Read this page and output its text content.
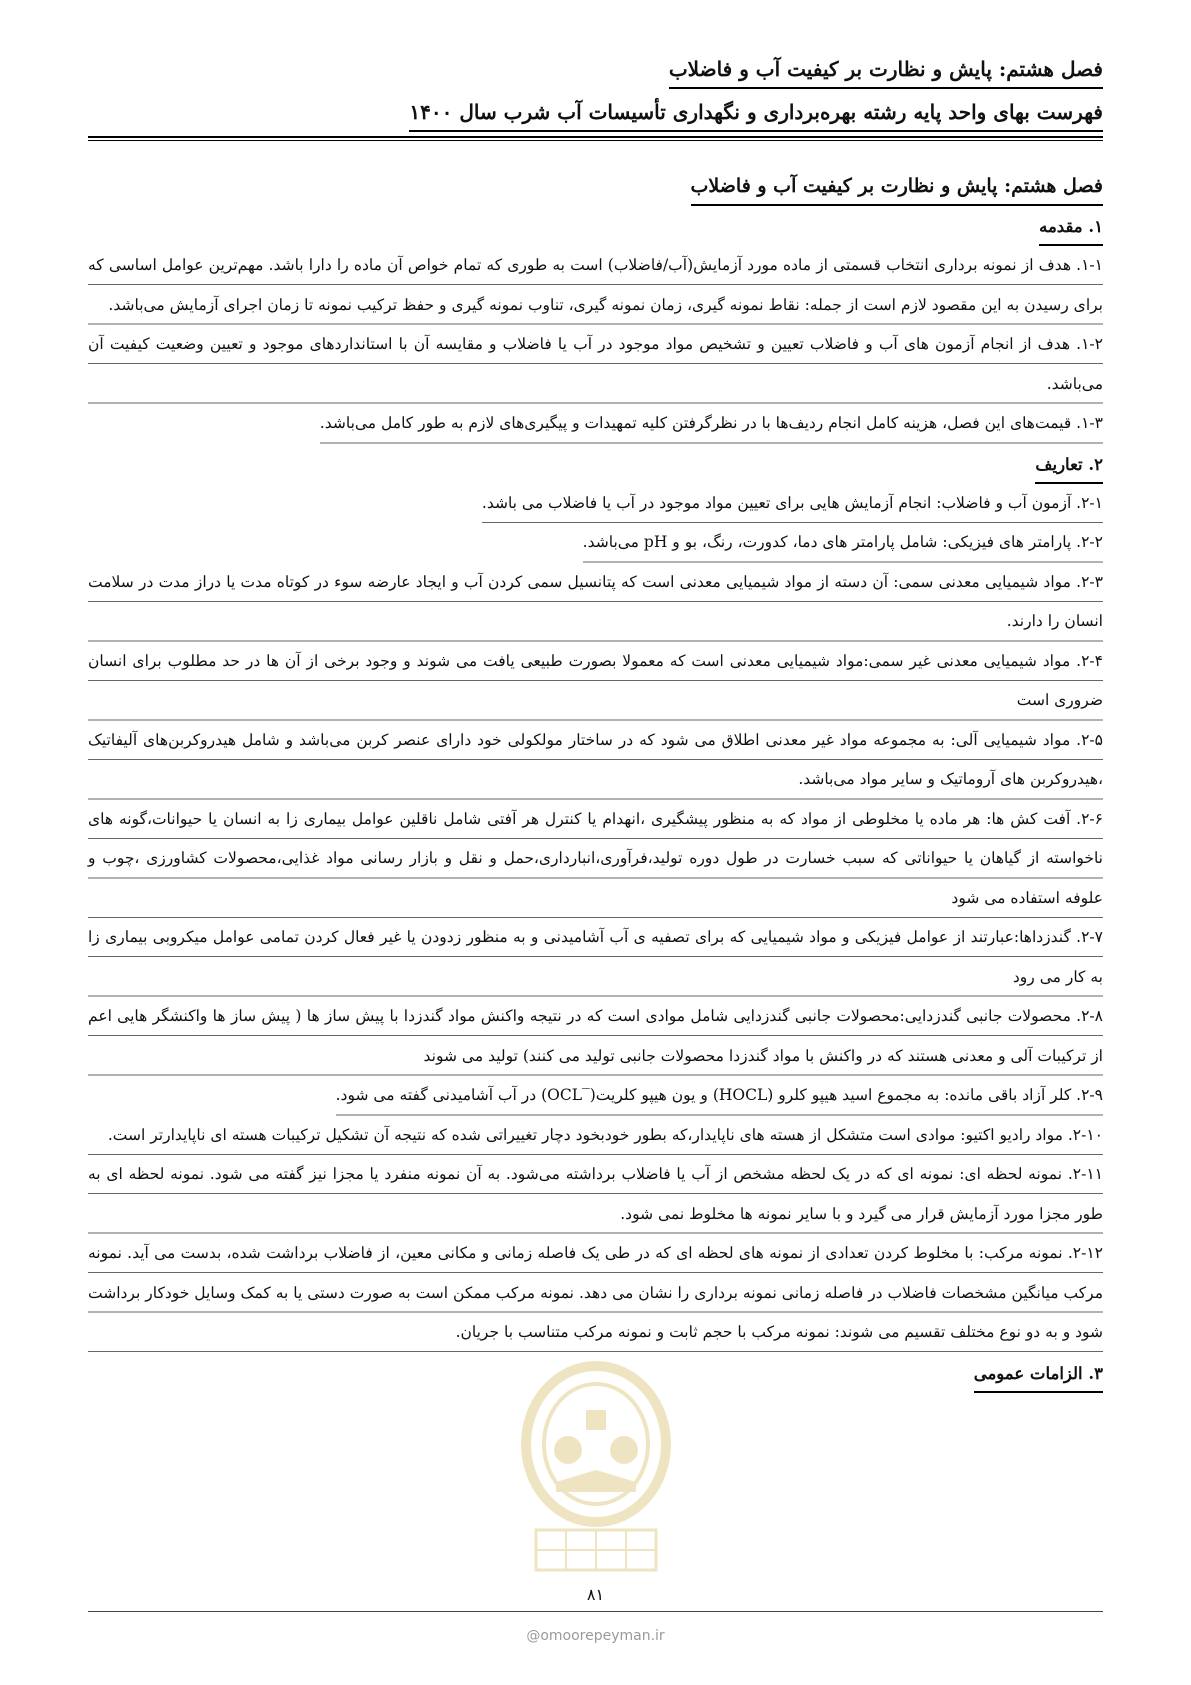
فصل هشتم: پایش و نظارت بر کیفیت آب و فاضلاب
فهرست بهای واحد پایه رشته بهره‌برداری و نگهداری تأسیسات آب شرب سال ۱۴۰۰
فصل هشتم: پایش و نظارت بر کیفیت آب و فاضلاب
۱. مقدمه

۱-۱. هدف از نمونه برداری انتخاب قسمتی از ماده مورد آزمایش(آب/فاضلاب) است به طوری که تمام خواص آن ماده را دارا باشد. مهم‌ترین عوامل اساسی که برای رسیدن به این مقصود لازم است از جمله: نقاط نمونه گیری، زمان نمونه گیری، تناوب نمونه گیری و حفظ ترکیب نمونه تا زمان اجرای آزمایش می‌باشد.

۱-۲. هدف از انجام آزمون های آب و فاضلاب تعیین و تشخیص مواد موجود در آب یا فاضلاب و مقایسه آن با استانداردهای موجود و تعیین وضعیت کیفیت آن می‌باشد.

۱-۳. قیمت‌های این فصل، هزینه کامل انجام ردیف‌ها با در نظرگرفتن کلیه تمهیدات و پیگیری‌های لازم به طور کامل می‌باشد.

۲. تعاریف

۲-۱. آزمون آب و فاضلاب: انجام آزمایش هایی برای تعیین مواد موجود در آب یا فاضلاب می باشد.

۲-۲. پارامتر های فیزیکی: شامل پارامتر های دما، کدورت، رنگ، بو و pH می‌باشد.

۲-۳. مواد شیمیایی معدنی سمی: آن دسته از مواد شیمیایی معدنی است که پتانسیل سمی کردن آب و ایجاد عارضه سوء در کوتاه مدت یا دراز مدت در سلامت انسان را دارند.

۲-۴. مواد شیمیایی معدنی غیر سمی:مواد شیمیایی معدنی است که معمولا بصورت طبیعی یافت می شوند و وجود برخی از آن ها در حد مطلوب برای انسان ضروری است

۲-۵. مواد شیمیایی آلی: به مجموعه مواد غیر معدنی اطلاق می شود که در ساختار مولکولی خود دارای عنصر کربن می‌باشد و شامل هیدروکربن‌های آلیفاتیک ،هیدروکربن های آروماتیک و سایر مواد می‌باشد.

۲-۶. آفت کش ها: هر ماده یا مخلوطی از مواد که به منظور پیشگیری ،انهدام یا کنترل هر آفتی شامل ناقلین عوامل بیماری زا به انسان یا حیوانات،گونه های ناخواسته از گیاهان یا حیواناتی که سبب خسارت در طول دوره تولید،فرآوری،انبارداری،حمل و نقل و بازار رسانی مواد غذایی،محصولات کشاورزی ،چوب و علوفه استفاده می شود

۲-۷. گندزداها:عبارتند از عوامل فیزیکی و مواد شیمیایی که برای تصفیه ی آب آشامیدنی و به منظور زدودن یا غیر فعال کردن تمامی عوامل میکروبی بیماری زا به کار می رود

۲-۸. محصولات جانبی گندزدایی:محصولات جانبی گندزدایی شامل موادی است که در نتیجه واکنش مواد گندزدا با پیش ساز ها ( پیش ساز ها واکنشگر هایی اعم از ترکیبات آلی و معدنی هستند که در واکنش با مواد گندزدا محصولات جانبی تولید می کنند) تولید می شوند

۲-۹. کلر آزاد باقی مانده: به مجموع اسید هیپو کلرو (HOCL) و یون هیپو کلریت(‾OCL) در آب آشامیدنی گفته می شود.

۲-۱۰. مواد رادیو اکتیو: موادی است متشکل از هسته های ناپایدار،که بطور خودبخود دچار تغییراتی شده که نتیجه آن تشکیل ترکیبات هسته ای ناپایدارتر است.

۲-۱۱. نمونه لحظه ای: نمونه ای که در یک لحظه مشخص از آب یا فاضلاب برداشته می‌شود. به آن نمونه منفرد یا مجزا نیز گفته می شود. نمونه لحظه ای به طور مجزا مورد آزمایش قرار می گیرد و با سایر نمونه ها مخلوط نمی شود.

۲-۱۲. نمونه مرکب: با مخلوط کردن تعدادی از نمونه های لحظه ای که در طی یک فاصله زمانی و مکانی معین، از فاضلاب برداشت شده، بدست می آید. نمونه مرکب میانگین مشخصات فاضلاب در فاصله زمانی نمونه برداری را نشان می دهد. نمونه مرکب ممکن است به صورت دستی یا به کمک وسایل خودکار برداشت شود و به دو نوع مختلف تقسیم می شوند: نمونه مرکب با حجم ثابت و نمونه مرکب متناسب با جریان.

۳. الزامات عمومی
۸۱
@omoorepeyman.ir
